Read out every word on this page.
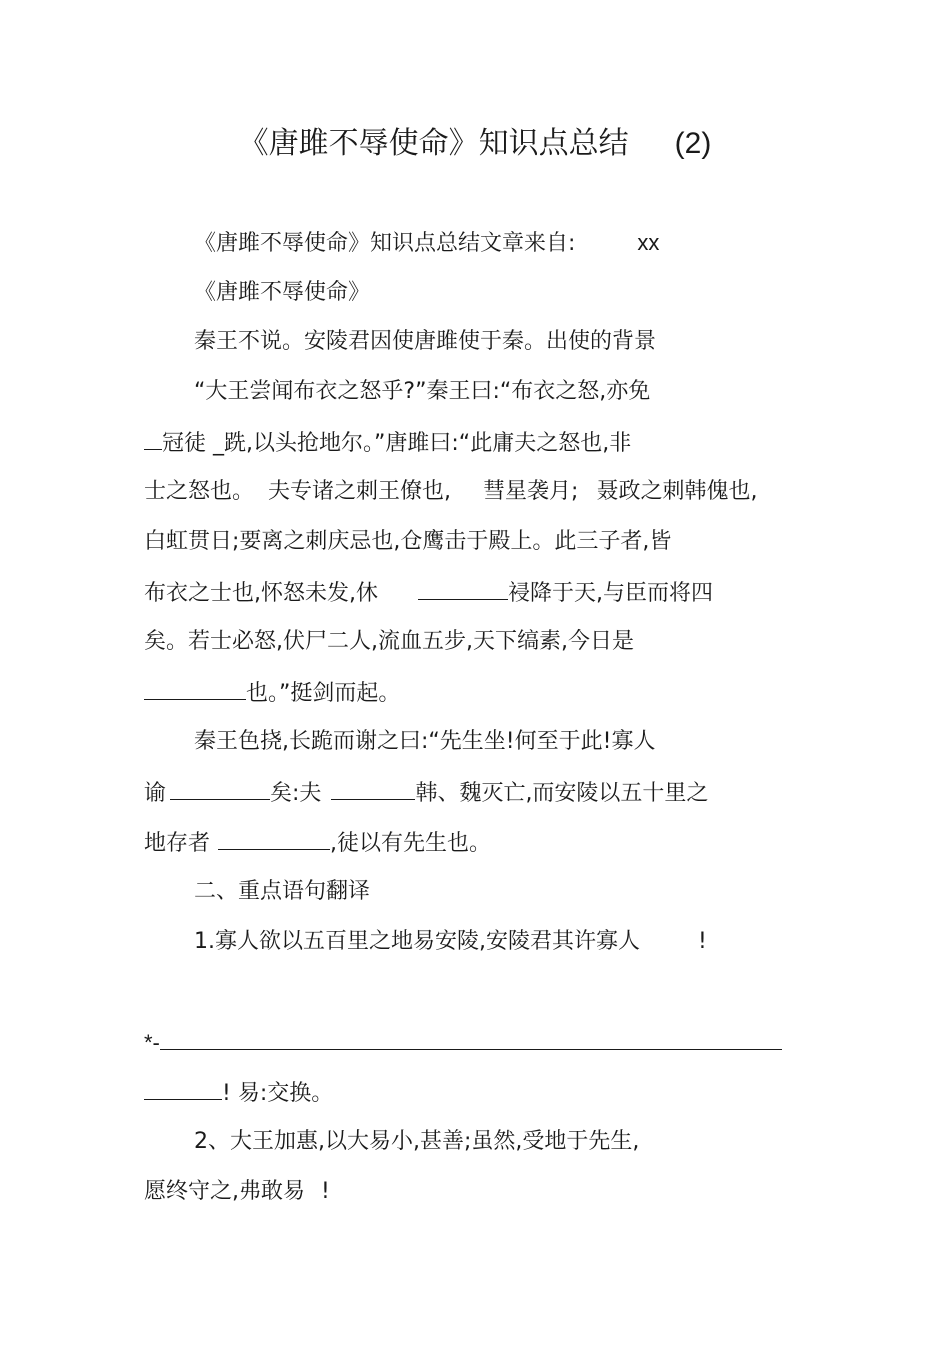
《唐雎不辱使命》知识点总结 (2)
《唐雎不辱使命》知识点总结文章来自:	xx
《唐雎不辱使命》
秦王不说。安陵君因使唐雎使于秦。出使的背景
“大王尝闻布衣之怒乎?”秦王曰:“布衣之怒,亦免
冠徒 _跣,以头抢地尔。”唐雎曰:“此庸夫之怒也,非
士之怒也。 夫专诸之刺王僚也, 彗星袭月; 聂政之刺韩傀也,
白虹贯日;要离之刺庆忌也,仓鹰击于殿上。此三子者,皆
布衣之士也,怀怒未发,休	祲降于天,与臣而将四
矣。若士必怒,伏尸二人,流血五步,天下缟素,今日是
也。”挺剑而起。
秦王色挠,长跪而谢之曰:“先生坐!何至于此!寡人
谕	矣:夫	韩、魏灭亡,而安陵以五十里之
地存者	,徒以有先生也。
二、重点语句翻译
1.寡人欲以五百里之地易安陵,安陵君其许寡人	!
*-
! 易:交换。
2、大王加惠,以大易小,甚善;虽然,受地于先生,
愿终守之,弗敢易 !
